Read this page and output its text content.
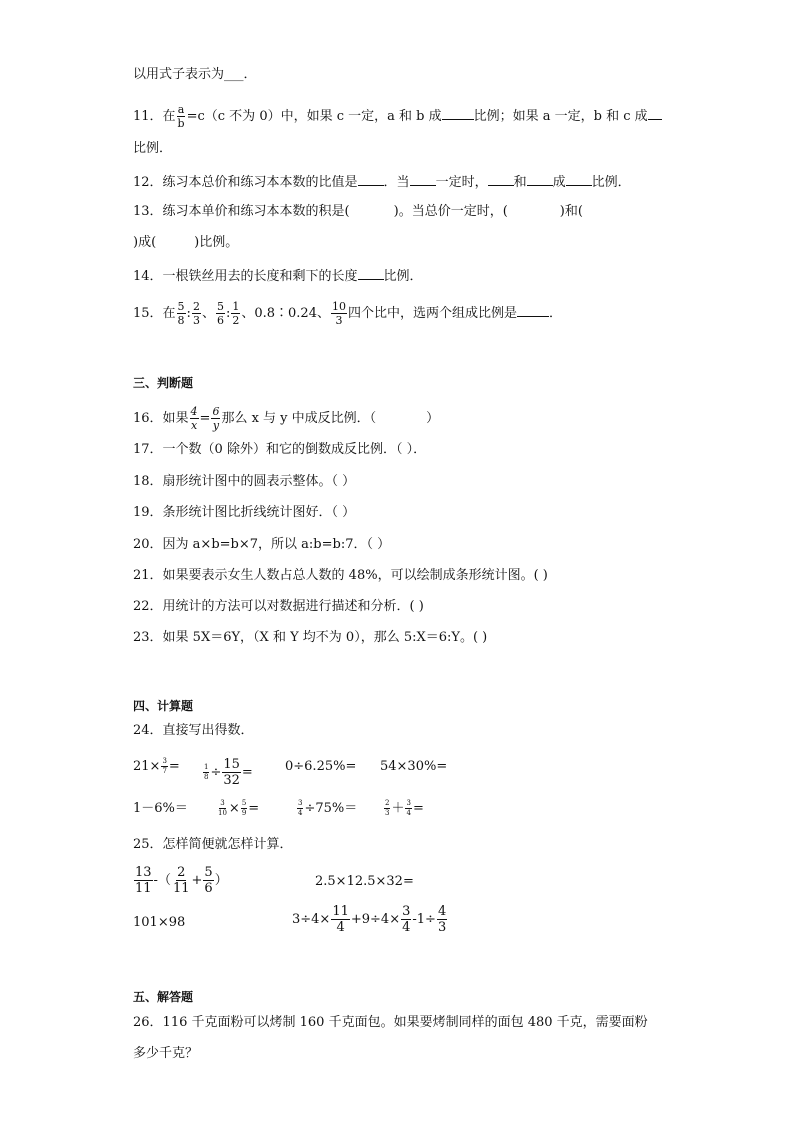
以用式子表示为___．
11．在 $\frac{a}{b} =c(c$ 不为 0）中，如果 c 一定，a 和 b 成 比例；如果 a 一定，b 和 c 成
比例．
12．练习本总价和练习本本数的比值是 ．当 一定时， 和 成 比例．
13．练习本单价和练习本本数的积是(	)。当总价一定时，(	)和(
)成(	)比例。
14．一根铁丝用去的长度和剩下的长度 比例．
15．在 $\frac{5}{8}$ : $\frac{2}{3}$ 、 $\frac{5}{6}$ : $\frac{1}{2}$ 、0.8∶0.24、 $\frac{10}{3}$ 四个比中，选两个组成比例是 ．
三、判断题
16．如果 $\frac{4}{x} = \frac{6}{y}$ 那么 x 与 y 中成反比例．（	）
17．一个数（0 除外）和它的倒数成反比例．（ ）．
18．扇形统计图中的圆表示整体。（ ）
19．条形统计图比折线统计图好．（ ）
20．因为 a×b=b×7，所以 a:b=b:7．（ ）
21．如果要表示女生人数占总人数的 48%，可以绘制成条形统计图。( )
22．用统计的方法可以对数据进行描述和分析．( )
23．如果 5X＝6Y，（X 和 Y 均不为 0），那么 5:X＝6:Y。( )
四、计算题
24．直接写出得数．
$21\times \frac{3}{7}$ =	$\frac{1}{8} \div \frac{15}{32} = 0\div 6.25\%= 54\times 30\%=$
1－6%＝	$\frac{3}{10} \times \frac{5}{9}$ =	$\frac{3}{4} \div 75\%=$	$\frac{2}{3} + \frac{3}{4}$ =
25．怎样简便就怎样计算．
$\frac{13}{11}$ -（ $\frac{2}{11} + \frac{5}{6}$ ）	2.5×12.5×32=
101×98	$3\div 4\times \frac{11}{4} +9\div 4\times \frac{3}{4} -1\div \frac{4}{3}$
五、解答题
26．116 千克面粉可以烤制 160 千克面包。如果要烤制同样的面包 480 千克，需要面粉
多少千克？
